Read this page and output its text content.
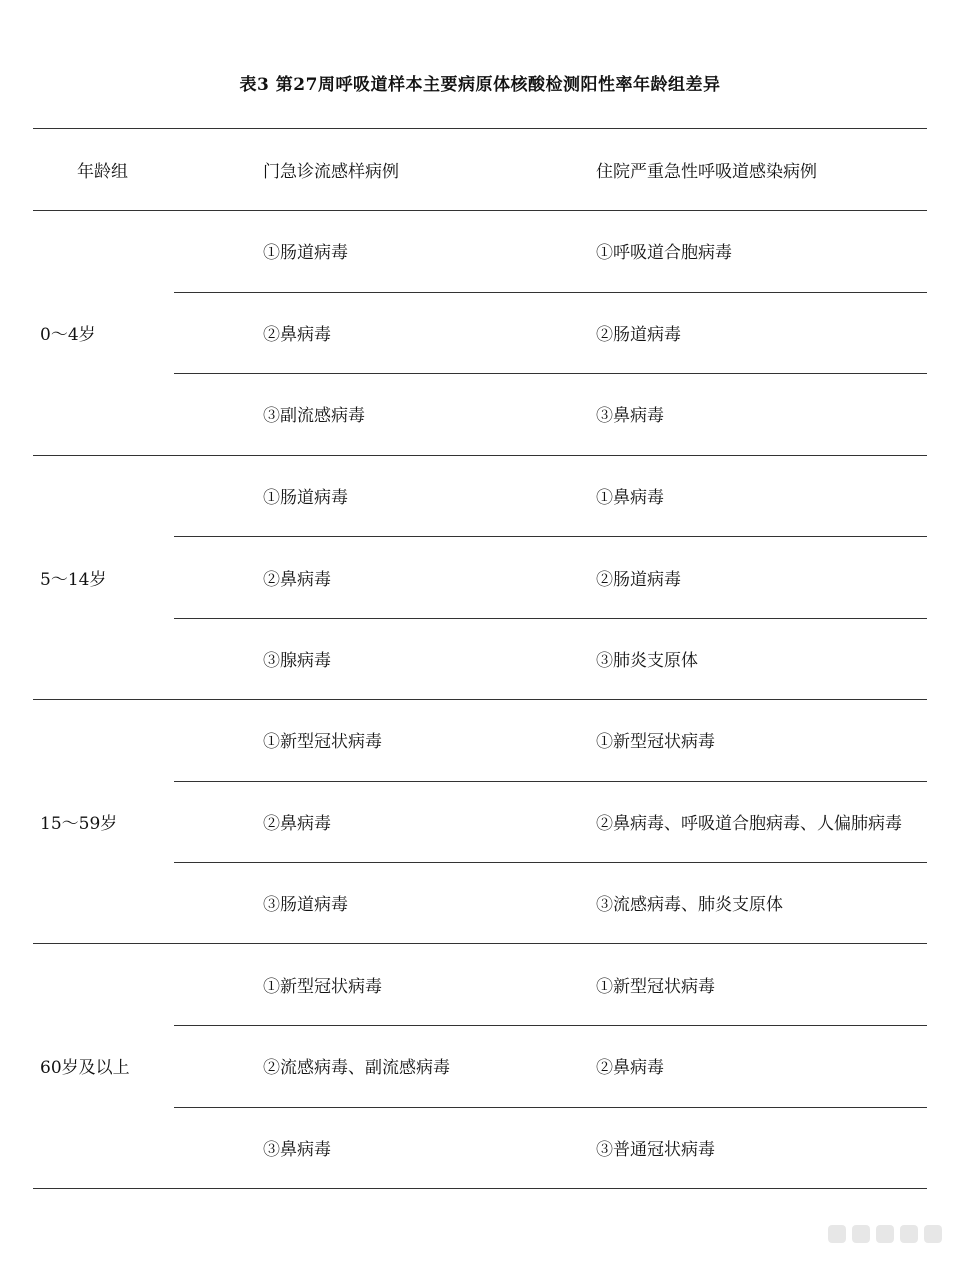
表3 第27周呼吸道样本主要病原体核酸检测阳性率年龄组差异
年龄组	门急诊流感样病例	住院严重急性呼吸道感染病例
0～4岁
①肠道病毒	①呼吸道合胞病毒
②鼻病毒	②肠道病毒
③副流感病毒	③鼻病毒
5～14岁
①肠道病毒	①鼻病毒
②鼻病毒	②肠道病毒
③腺病毒	③肺炎支原体
15～59岁
①新型冠状病毒	①新型冠状病毒
②鼻病毒	②鼻病毒、呼吸道合胞病毒、人偏肺病毒
③肠道病毒	③流感病毒、肺炎支原体
60岁及以上
①新型冠状病毒	①新型冠状病毒
②流感病毒、副流感病毒	②鼻病毒
③鼻病毒	③普通冠状病毒
